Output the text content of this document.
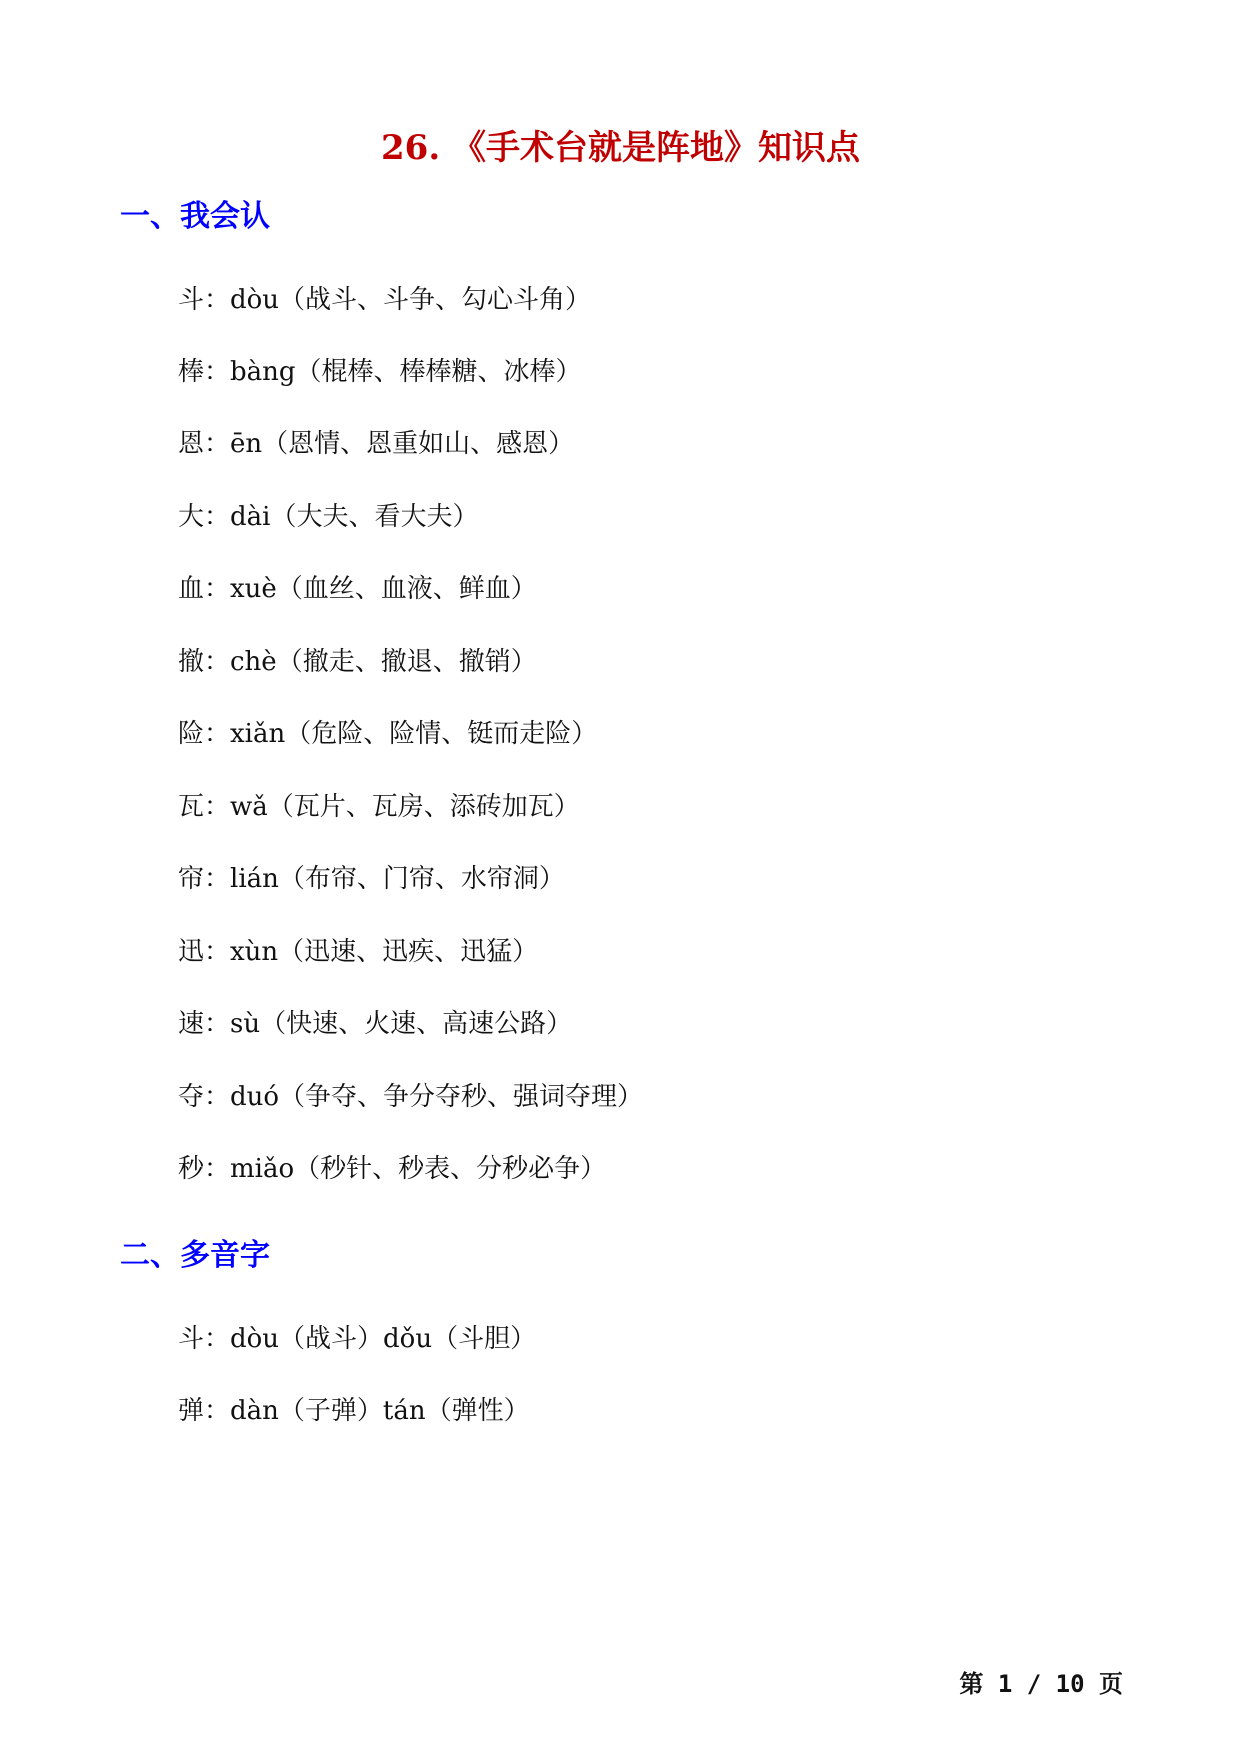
26. 《手术台就是阵地》知识点
一、我会认
斗：dòu（战斗、斗争、勾心斗角）
棒：bàng（棍棒、棒棒糖、冰棒）
恩：ēn（恩情、恩重如山、感恩）
大：dài（大夫、看大夫）
血：xuè（血丝、血液、鲜血）
撤：chè（撤走、撤退、撤销）
险：xiǎn（危险、险情、铤而走险）
瓦：wǎ（瓦片、瓦房、添砖加瓦）
帘：lián（布帘、门帘、水帘洞）
迅：xùn（迅速、迅疾、迅猛）
速：sù（快速、火速、高速公路）
夺：duó（争夺、争分夺秒、强词夺理）
秒：miǎo（秒针、秒表、分秒必争）
二、多音字
斗：dòu（战斗）dǒu（斗胆）
弹：dàn（子弹）tán（弹性）
第 1 / 10 页
